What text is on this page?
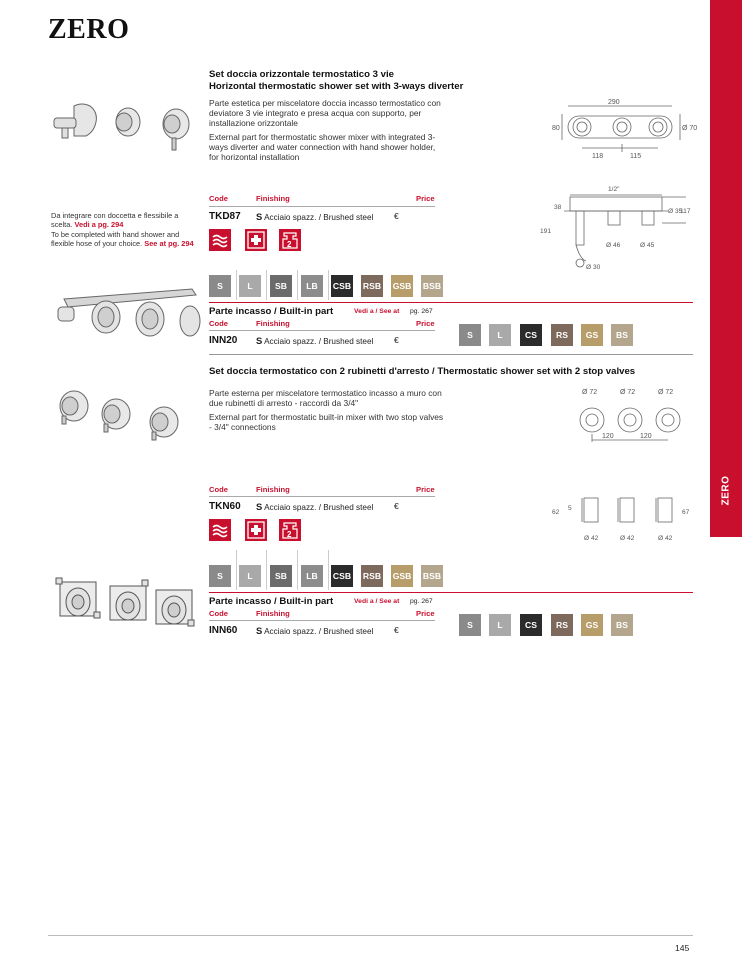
ZERO
ZERO
Set doccia orizzontale termostatico 3 vie
Horizontal thermostatic shower set with 3-ways diverter
Parte estetica per miscelatore doccia incasso termostatico con deviatore 3 vie integrato e presa acqua con supporto, per installazione orizzontale
External part for thermostatic shower mixer with integrated 3-ways diverter and water connection with hand shower holder, for horizontal installation
290
80	Ø 70
118	115
Code	Finishing	Price
TKD87 S Acciaio spazz. / Brushed steel €
Da integrare con doccetta e flessibile a scelta. Vedi a pg. 294
To be completed with hand shower and flexible hose of your choice. See at pg. 294	2
1/2"
38
Ø 35
117
191
Ø 46	Ø 45
Ø 30
S	L	SB	LB	CSB RSB GSB BSB
Parte incasso / Built-in part	Vedi a / See at pg. 267
Code	Finishing	Price
INN20 S Acciaio spazz. / Brushed steel €	S	L	CS	RS	GS	BS
Set doccia termostatico con 2 rubinetti d'arresto / Thermostatic shower set with 2 stop valves
Parte esterna per miscelatore termostatico incasso a muro con due rubinetti di arresto - raccordi da 3/4"
External part for thermostatic built-in mixer with two stop valves - 3/4" connections
Ø 72	Ø 72	Ø 72
120	120
Code	Finishing	Price
TKN60 S Acciaio spazz. / Brushed steel €
2
62
5
67
Ø 42	Ø 42	Ø 42
S	L	SB	LB	CSB RSB GSB BSB
Parte incasso / Built-in part	Vedi a / See at pg. 267
Code	Finishing	Price
INN60 S Acciaio spazz. / Brushed steel €	S	L	CS	RS	GS	BS
145
